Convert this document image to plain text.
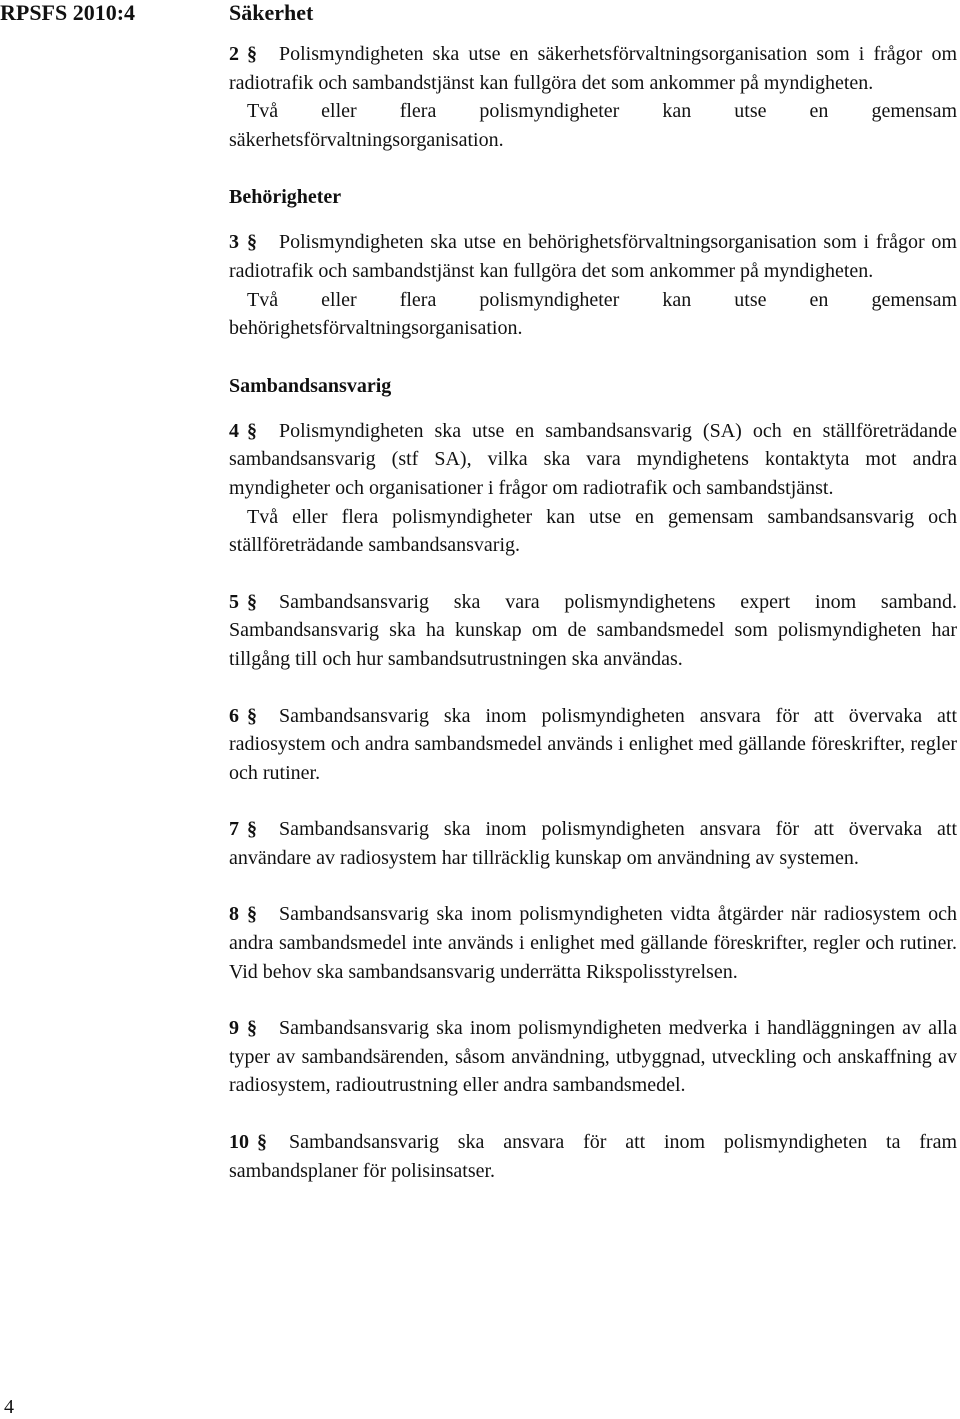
RPSFS 2010:4	Säkerhet

2 § Polismyndigheten ska utse en säkerhetsförvaltningsorganisation som i frågor om radiotrafik och sambandstjänst kan fullgöra det som ankommer på myndigheten.

Två eller flera polismyndigheter kan utse en gemensam säkerhetsförvaltningsorganisation.

Behörigheter

3 § Polismyndigheten ska utse en behörighetsförvaltningsorganisation som i frågor om radiotrafik och sambandstjänst kan fullgöra det som ankommer på myndigheten.

Två eller flera polismyndigheter kan utse en gemensam behörighetsförvaltningsorganisation.

Sambandsansvarig

4 § Polismyndigheten ska utse en sambandsansvarig (SA) och en ställföreträdande sambandsansvarig (stf SA), vilka ska vara myndighetens kontaktyta mot andra myndigheter och organisationer i frågor om radiotrafik och sambandstjänst.

Två eller flera polismyndigheter kan utse en gemensam sambandsansvarig och ställföreträdande sambandsansvarig.

5 § Sambandsansvarig ska vara polismyndighetens expert inom samband. Sambandsansvarig ska ha kunskap om de sambandsmedel som polismyndigheten har tillgång till och hur sambandsutrustningen ska användas.

6 § Sambandsansvarig ska inom polismyndigheten ansvara för att övervaka att radiosystem och andra sambandsmedel används i enlighet med gällande föreskrifter, regler och rutiner.

7 § Sambandsansvarig ska inom polismyndigheten ansvara för att övervaka att användare av radiosystem har tillräcklig kunskap om användning av systemen.

8 § Sambandsansvarig ska inom polismyndigheten vidta åtgärder när radiosystem och andra sambandsmedel inte används i enlighet med gällande föreskrifter, regler och rutiner. Vid behov ska sambandsansvarig underrätta Rikspolisstyrelsen.

9 § Sambandsansvarig ska inom polismyndigheten medverka i handläggningen av alla typer av sambandsärenden, såsom användning, utbyggnad, utveckling och anskaffning av radiosystem, radioutrustning eller andra sambandsmedel.

10 § Sambandsansvarig ska ansvara för att inom polismyndigheten ta fram sambandsplaner för polisinsatser.

4
